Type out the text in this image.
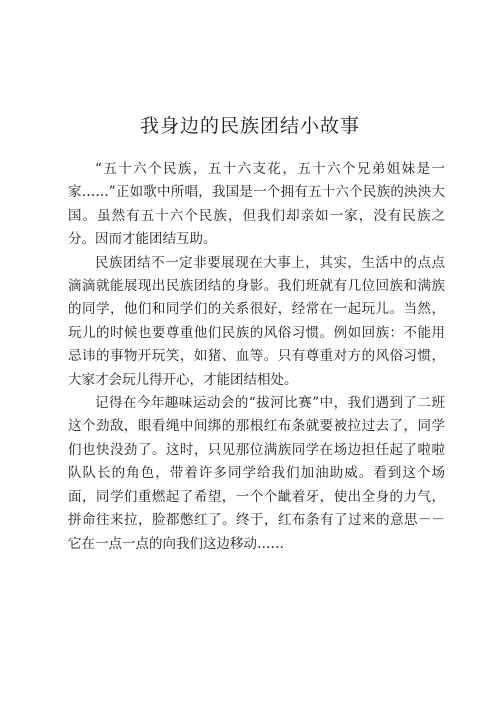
我身边的民族团结小故事

“五十六个民族，五十六支花，五十六个兄弟姐妹是一家……”正如歌中所唱，我国是一个拥有五十六个民族的泱泱大国。虽然有五十六个民族，但我们却亲如一家，没有民族之分。因而才能团结互助。

民族团结不一定非要展现在大事上，其实，生活中的点点滴滴就能展现出民族团结的身影。我们班就有几位回族和满族的同学，他们和同学们的关系很好，经常在一起玩儿。当然，玩儿的时候也要尊重他们民族的风俗习惯。例如回族：不能用忌讳的事物开玩笑，如猪、血等。只有尊重对方的风俗习惯，大家才会玩儿得开心，才能团结相处。

记得在今年趣味运动会的“拔河比赛”中，我们遇到了二班这个劲敌，眼看绳中间绑的那根红布条就要被拉过去了，同学们也快没劲了。这时，只见那位满族同学在场边担任起了啦啦队队长的角色，带着许多同学给我们加油助威。看到这个场面，同学们重燃起了希望，一个个龇着牙，使出全身的力气，拼命往来拉，脸都憋红了。终于，红布条有了过来的意思－－它在一点一点的向我们这边移动……
